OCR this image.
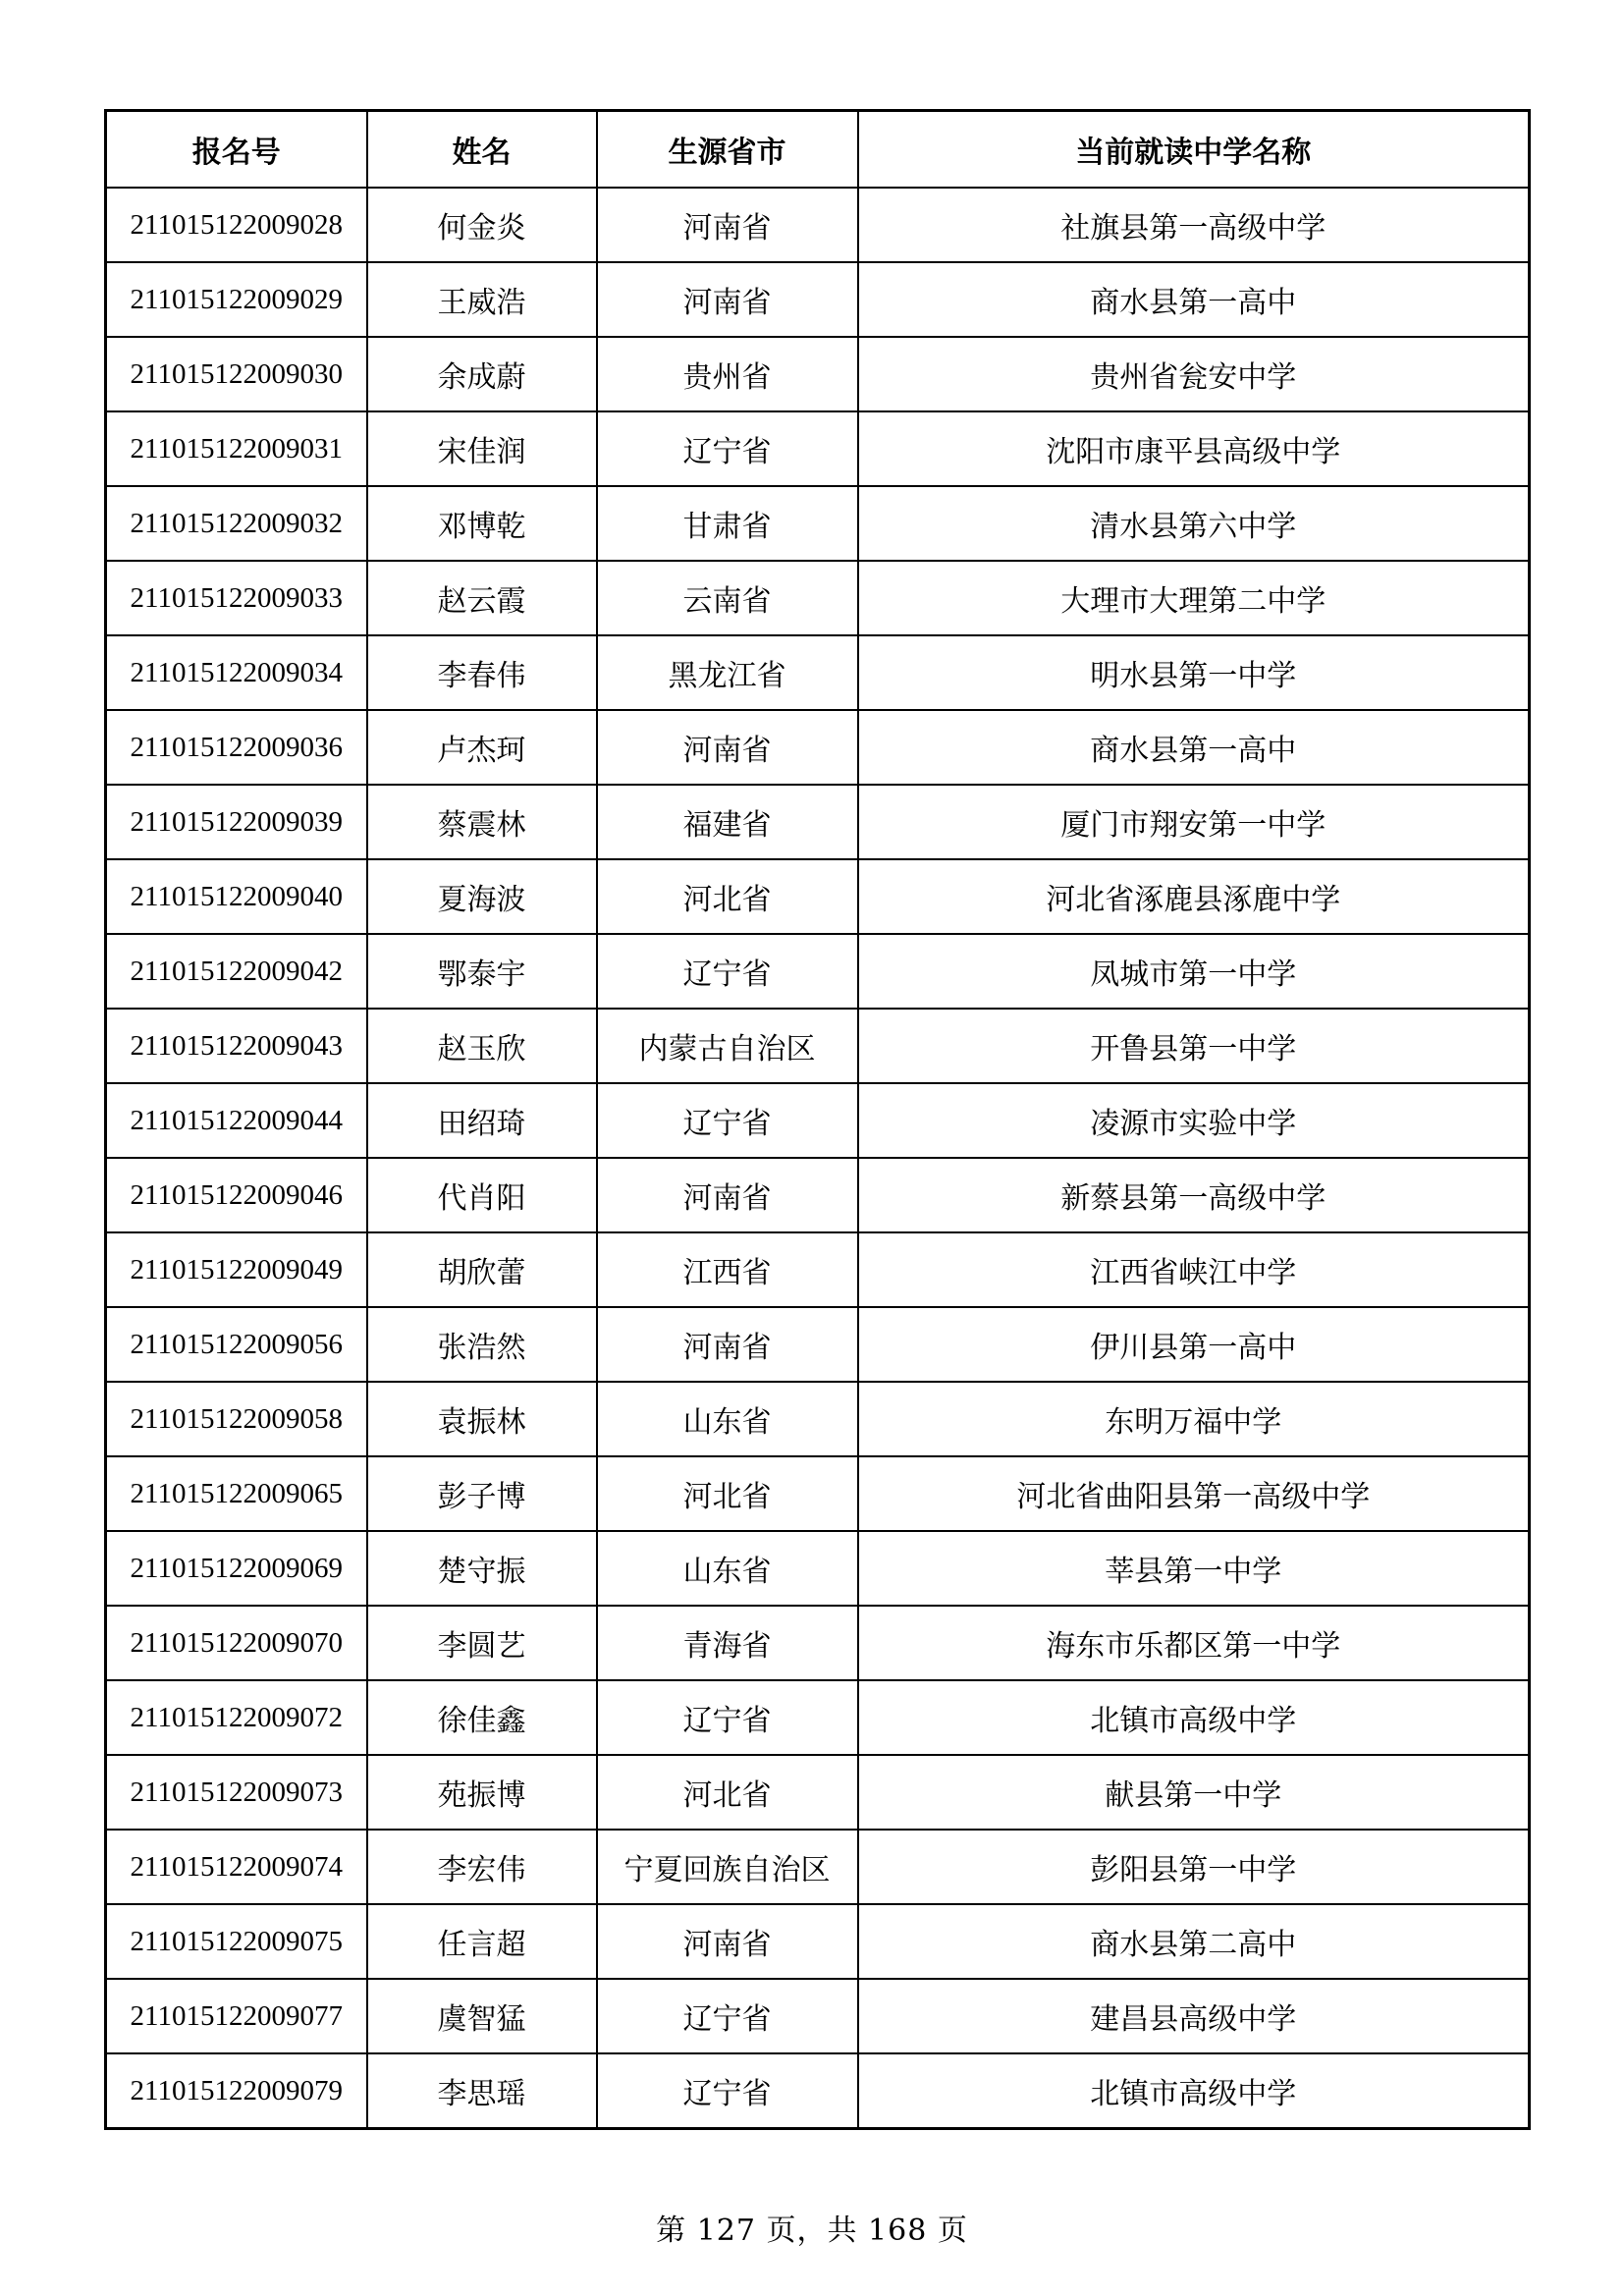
报名号	姓名	生源省市	当前就读中学名称
211015122009028	何金炎	河南省	社旗县第一高级中学
211015122009029	王威浩	河南省	商水县第一高中
211015122009030	余成蔚	贵州省	贵州省瓮安中学
211015122009031	宋佳润	辽宁省	沈阳市康平县高级中学
211015122009032	邓博乾	甘肃省	清水县第六中学
211015122009033	赵云霞	云南省	大理市大理第二中学
211015122009034	李春伟	黑龙江省	明水县第一中学
211015122009036	卢杰珂	河南省	商水县第一高中
211015122009039	蔡震林	福建省	厦门市翔安第一中学
211015122009040	夏海波	河北省	河北省涿鹿县涿鹿中学
211015122009042	鄂泰宇	辽宁省	凤城市第一中学
211015122009043	赵玉欣	内蒙古自治区	开鲁县第一中学
211015122009044	田绍琦	辽宁省	凌源市实验中学
211015122009046	代肖阳	河南省	新蔡县第一高级中学
211015122009049	胡欣蕾	江西省	江西省峡江中学
211015122009056	张浩然	河南省	伊川县第一高中
211015122009058	袁振林	山东省	东明万福中学
211015122009065	彭子博	河北省	河北省曲阳县第一高级中学
211015122009069	楚守振	山东省	莘县第一中学
211015122009070	李圆艺	青海省	海东市乐都区第一中学
211015122009072	徐佳鑫	辽宁省	北镇市高级中学
211015122009073	苑振博	河北省	献县第一中学
211015122009074	李宏伟	宁夏回族自治区	彭阳县第一中学
211015122009075	任言超	河南省	商水县第二高中
211015122009077	虞智猛	辽宁省	建昌县高级中学
211015122009079	李思瑶	辽宁省	北镇市高级中学
第 127 页，共 168 页
